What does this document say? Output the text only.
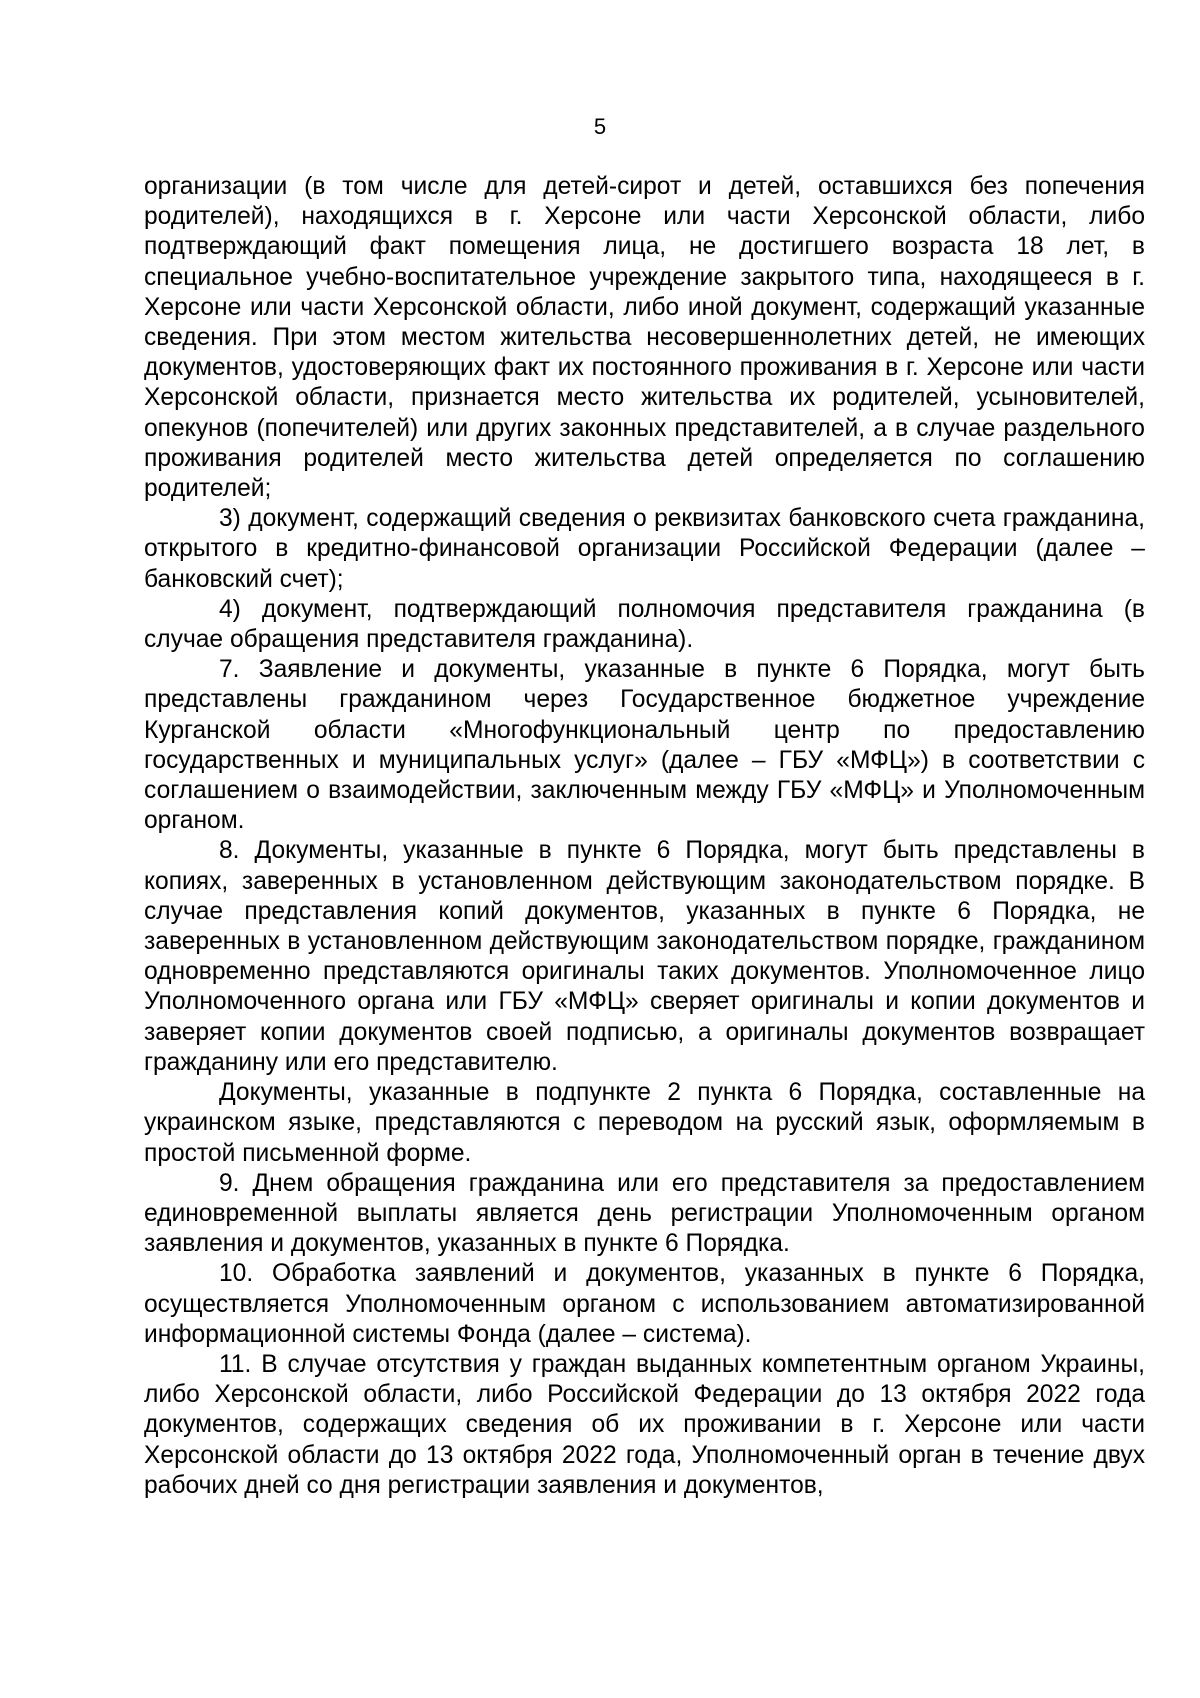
5

организации (в том числе для детей-сирот и детей, оставшихся без попечения родителей), находящихся в г. Херсоне или части Херсонской области, либо подтверждающий факт помещения лица, не достигшего возраста 18 лет, в специальное учебно-воспитательное учреждение закрытого типа, находящееся в г. Херсоне или части Херсонской области, либо иной документ, содержащий указанные сведения. При этом местом жительства несовершеннолетних детей, не имеющих документов, удостоверяющих факт их постоянного проживания в г. Херсоне или части Херсонской области, признается место жительства их родителей, усыновителей, опекунов (попечителей) или других законных представителей, а в случае раздельного проживания родителей место жительства детей определяется по соглашению родителей;

3) документ, содержащий сведения о реквизитах банковского счета гражданина, открытого в кредитно-финансовой организации Российской Федерации (далее – банковский счет);

4) документ, подтверждающий полномочия представителя гражданина (в случае обращения представителя гражданина).

7. Заявление и документы, указанные в пункте 6 Порядка, могут быть представлены гражданином через Государственное бюджетное учреждение Курганской области «Многофункциональный центр по предоставлению государственных и муниципальных услуг» (далее – ГБУ «МФЦ») в соответствии с соглашением о взаимодействии, заключенным между ГБУ «МФЦ» и Уполномоченным органом.

8. Документы, указанные в пункте 6 Порядка, могут быть представлены в копиях, заверенных в установленном действующим законодательством порядке. В случае представления копий документов, указанных в пункте 6 Порядка, не заверенных в установленном действующим законодательством порядке, гражданином одновременно представляются оригиналы таких документов. Уполномоченное лицо Уполномоченного органа или ГБУ «МФЦ» сверяет оригиналы и копии документов и заверяет копии документов своей подписью, а оригиналы документов возвращает гражданину или его представителю.

Документы, указанные в подпункте 2 пункта 6 Порядка, составленные на украинском языке, представляются с переводом на русский язык, оформляемым в простой письменной форме.

9. Днем обращения гражданина или его представителя за предоставлением единовременной выплаты является день регистрации Уполномоченным органом заявления и документов, указанных в пункте 6 Порядка.

10. Обработка заявлений и документов, указанных в пункте 6 Порядка, осуществляется Уполномоченным органом с использованием автоматизированной информационной системы Фонда (далее – система).

11. В случае отсутствия у граждан выданных компетентным органом Украины, либо Херсонской области, либо Российской Федерации до 13 октября 2022 года документов, содержащих сведения об их проживании в г. Херсоне или части Херсонской области до 13 октября 2022 года, Уполномоченный орган в течение двух рабочих дней со дня регистрации заявления и документов,
